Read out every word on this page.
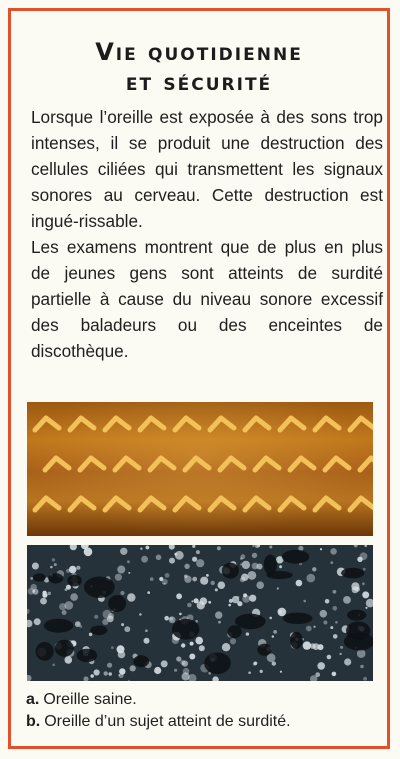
Vie quotidienne
et sécurité

Lorsque l’oreille est exposée à des sons trop intenses, il se produit une destruction des cellules ciliées qui transmettent les signaux sonores au cerveau. Cette destruction est ingué-rissable.

Les examens montrent que de plus en plus de jeunes gens sont atteints de surdité partielle à cause du niveau sonore excessif des baladeurs ou des enceintes de discothèque.

a. Oreille saine.
b. Oreille d’un sujet atteint de surdité.
